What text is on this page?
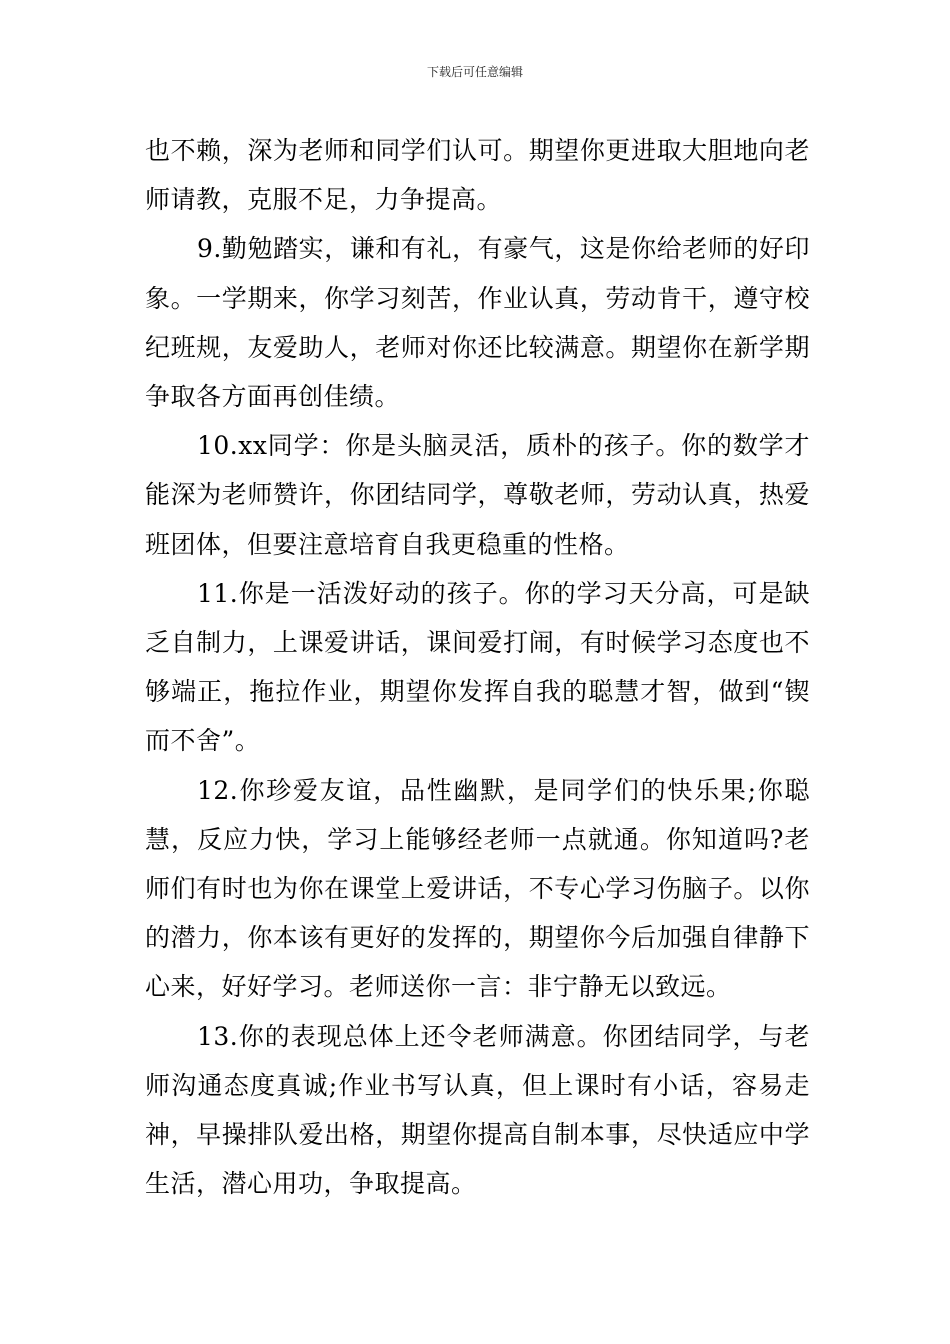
下载后可任意编辑

也不赖，深为老师和同学们认可。期望你更进取大胆地向老师请教，克服不足，力争提高。

9.勤勉踏实，谦和有礼，有豪气，这是你给老师的好印象。一学期来，你学习刻苦，作业认真，劳动肯干，遵守校纪班规，友爱助人，老师对你还比较满意。期望你在新学期争取各方面再创佳绩。

10.xx同学：你是头脑灵活，质朴的孩子。你的数学才能深为老师赞许，你团结同学，尊敬老师，劳动认真，热爱班团体，但要注意培育自我更稳重的性格。

11.你是一活泼好动的孩子。你的学习天分高，可是缺乏自制力，上课爱讲话，课间爱打闹，有时候学习态度也不够端正，拖拉作业，期望你发挥自我的聪慧才智，做到“锲而不舍”。

12.你珍爱友谊，品性幽默，是同学们的快乐果;你聪慧，反应力快，学习上能够经老师一点就通。你知道吗?老师们有时也为你在课堂上爱讲话，不专心学习伤脑子。以你的潜力，你本该有更好的发挥的，期望你今后加强自律静下心来，好好学习。老师送你一言：非宁静无以致远。

13.你的表现总体上还令老师满意。你团结同学，与老师沟通态度真诚;作业书写认真，但上课时有小话，容易走神，早操排队爱出格，期望你提高自制本事，尽快适应中学生活，潜心用功，争取提高。
